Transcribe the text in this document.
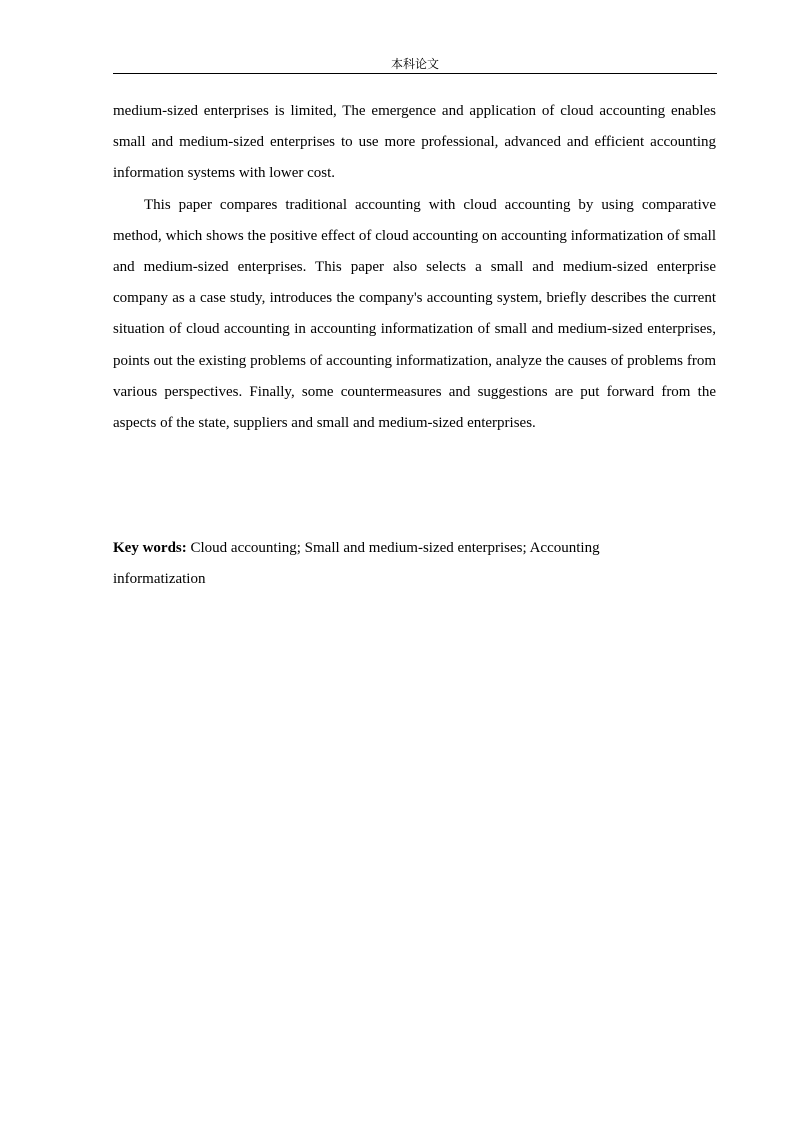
本科论文

medium-sized enterprises is limited, The emergence and application of cloud accounting enables small and medium-sized enterprises to use more professional, advanced and efficient accounting information systems with lower cost.

This paper compares traditional accounting with cloud accounting by using comparative method, which shows the positive effect of cloud accounting on accounting informatization of small and medium-sized enterprises. This paper also selects a small and medium-sized enterprise company as a case study, introduces the company's accounting system, briefly describes the current situation of cloud accounting in accounting informatization of small and medium-sized enterprises, points out the existing problems of accounting informatization, analyze the causes of problems from various perspectives. Finally, some countermeasures and suggestions are put forward from the aspects of the state, suppliers and small and medium-sized enterprises.

Key words: Cloud accounting; Small and medium-sized enterprises; Accounting informatization
